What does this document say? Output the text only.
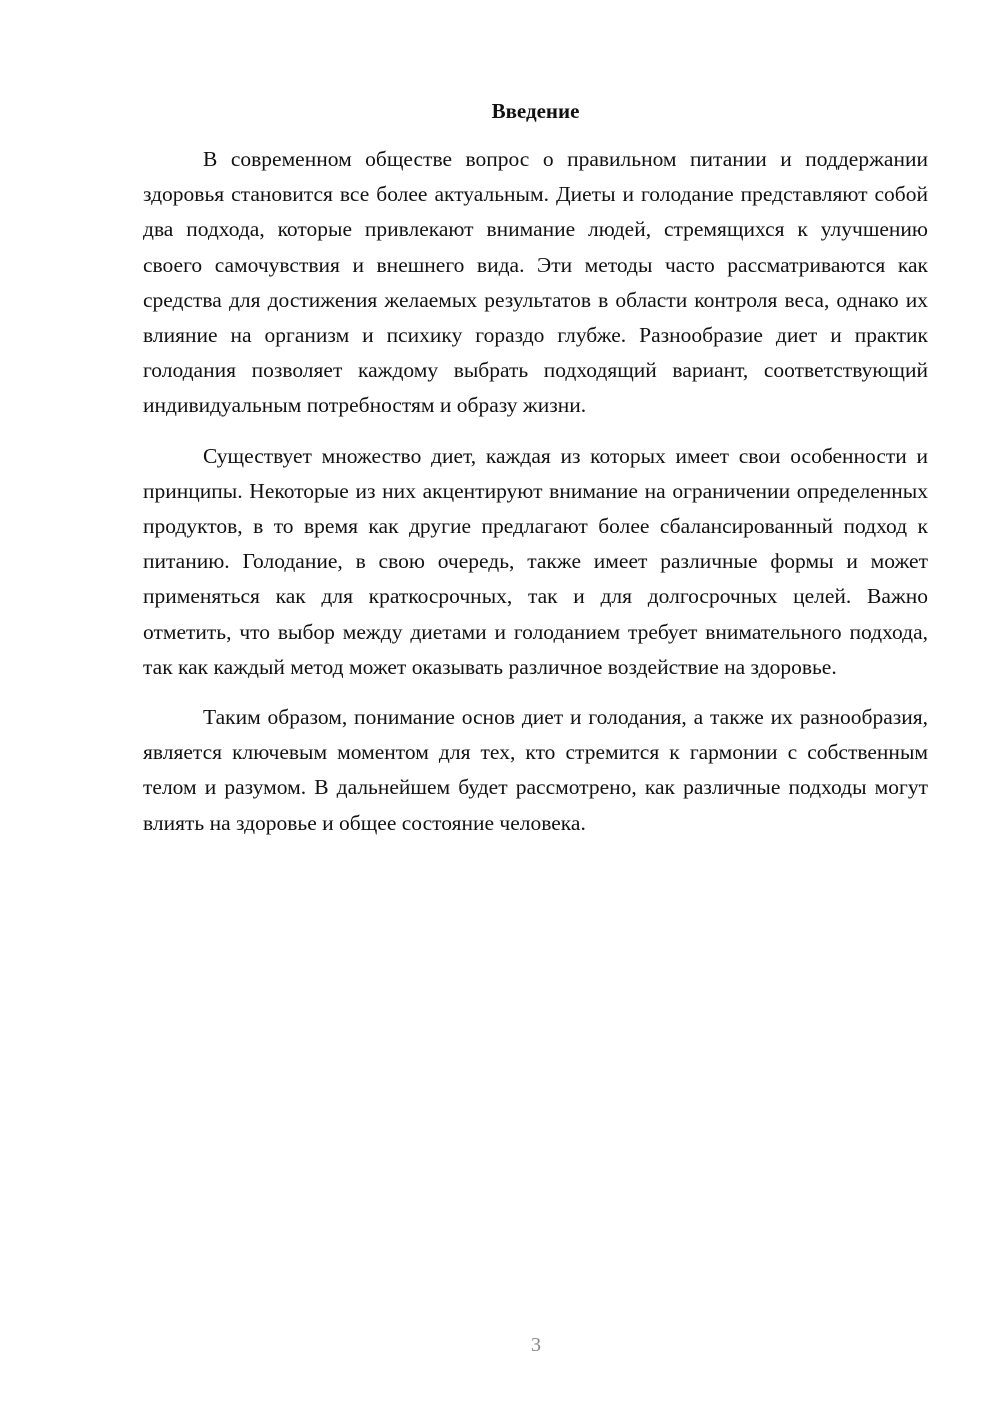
Введение

В современном обществе вопрос о правильном питании и поддержании здоровья становится все более актуальным. Диеты и голодание представляют собой два подхода, которые привлекают внимание людей, стремящихся к улучшению своего самочувствия и внешнего вида. Эти методы часто рассматриваются как средства для достижения желаемых результатов в области контроля веса, однако их влияние на организм и психику гораздо глубже. Разнообразие диет и практик голодания позволяет каждому выбрать подходящий вариант, соответствующий индивидуальным потребностям и образу жизни.

Существует множество диет, каждая из которых имеет свои особенности и принципы. Некоторые из них акцентируют внимание на ограничении определенных продуктов, в то время как другие предлагают более сбалансированный подход к питанию. Голодание, в свою очередь, также имеет различные формы и может применяться как для краткосрочных, так и для долгосрочных целей. Важно отметить, что выбор между диетами и голоданием требует внимательного подхода, так как каждый метод может оказывать различное воздействие на здоровье.

Таким образом, понимание основ диет и голодания, а также их разнообразия, является ключевым моментом для тех, кто стремится к гармонии с собственным телом и разумом. В дальнейшем будет рассмотрено, как различные подходы могут влиять на здоровье и общее состояние человека.

3
